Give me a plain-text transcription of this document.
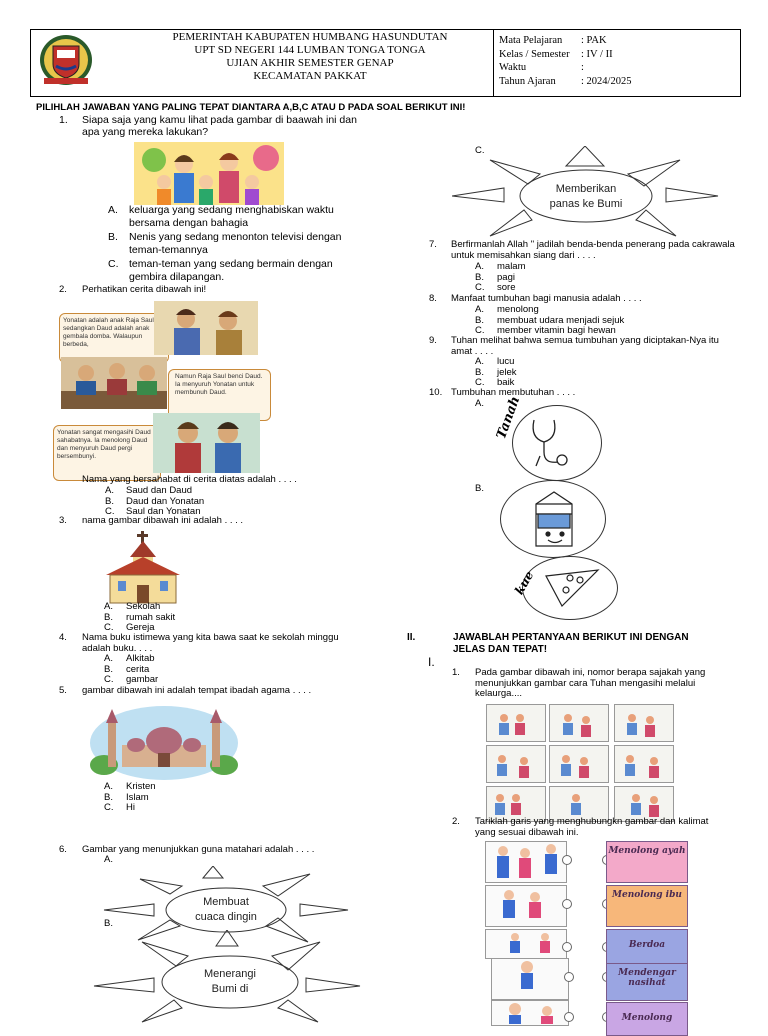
PEMERINTAH KABUPATEN HUMBANG HASUNDUTAN
UPT SD NEGERI 144 LUMBAN TONGA TONGA
UJIAN AKHIR SEMESTER GENAP
KECAMATAN PAKKAT
Mata Pelajaran : PAK
Kelas / Semester : IV / II
Waktu	:
Tahun Ajaran : 2024/2025
PILIHLAH JAWABAN YANG PALING TEPAT DIANTARA A,B,C ATAU D PADA SOAL BERIKUT INI!
1. Siapa saja yang kamu lihat pada gambar di baawah ini dan
apa yang mereka lakukan?
A. keluarga yang sedang menghabiskan waktu
bersama dengan bahagia
B. Nenis yang sedang menonton televisi dengan
teman-temannya
C. teman-teman yang sedang bermain dengan
gembira dilapangan.
2. Perhatikan cerita dibawah ini!
Yonatan adalah anak Raja Saul sedangkan Daud adalah anak gembala domba. Walaupun berbeda,
Namun Raja Saul benci Daud. Ia menyuruh Yonatan untuk membunuh Daud.
Yonatan sangat mengasihi Daud sahabatnya. Ia menolong Daud dan menyuruh Daud pergi bersembunyi.
Nama yang bersahabat di cerita diatas adalah . . . .
A. Saud dan Daud
B. Daud dan Yonatan
C. Saul dan Yonatan
3. nama gambar dibawah ini adalah . . . .
A. Sekolah
B. rumah sakit
C. Gereja
4. Nama buku istimewa yang kita bawa saat ke sekolah minggu
adalah buku. . . .
A. Alkitab
B. cerita
C. gambar
5. gambar dibawah ini adalah tempat ibadah agama . . . .
A. Kristen
B. Islam
C. Hi
6. Gambar yang menunjukkan guna matahari adalah . . . .
A.
Membuat
cuaca dingin
B.
Menerangi
Bumi di
C.
Memberikan
panas ke Bumi
7. Berfirmanlah Allah " jadilah benda-benda penerang pada cakrawala
untuk memisahkan siang dari . . . .
A. malam
B. pagi
C. sore
8. Manfaat tumbuhan bagi manusia adalah . . . .
A. menolong
B. membuat udara menjadi sejuk
C. member vitamin bagi hewan
9. Tuhan melihat bahwa semua tumbuhan yang diciptakan-Nya itu
amat . . . .
A. lucu
B. jelek
C. baik
10. Tumbuhan membutuhan . . . .
A. Tanah
B.
kue
II.	JAWABLAH PERTANYAAN BERIKUT INI DENGAN
JELAS DAN TEPAT!
I.
1. Pada gambar dibawah ini, nomor berapa sajakah yang
menunjukkan gambar cara Tuhan mengasihi melalui
kelaurga....
2. Tariklah garis yang menghubungkn gambar dan kalimat
yang sesuai dibawah ini.
Menolong ayah
Menolong ibu
Berdoa
Mendengar nasihat
Menolong
